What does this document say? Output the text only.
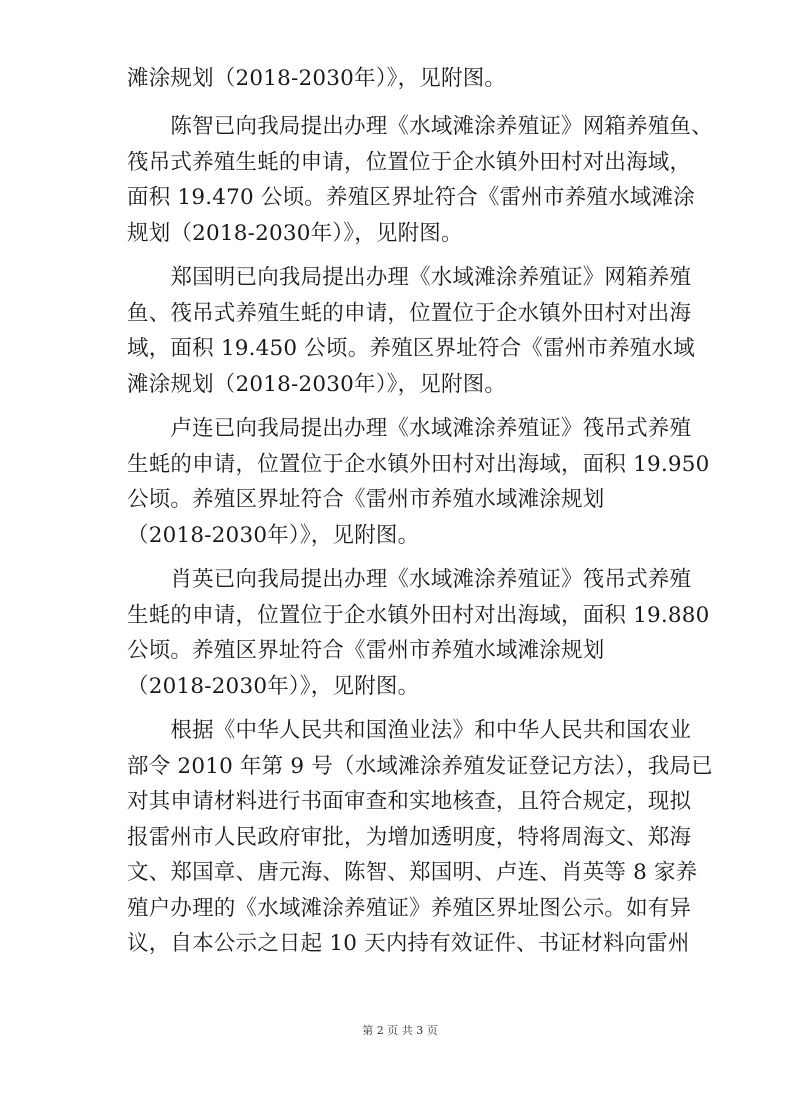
滩涂规划（2018-2030年）》，见附图。
　　陈智已向我局提出办理《水域滩涂养殖证》网箱养殖鱼、
筏吊式养殖生蚝的申请，位置位于企水镇外田村对出海域，
面积 19.470 公顷。养殖区界址符合《雷州市养殖水域滩涂
规划（2018-2030年）》，见附图。
　　郑国明已向我局提出办理《水域滩涂养殖证》网箱养殖
鱼、筏吊式养殖生蚝的申请，位置位于企水镇外田村对出海
域，面积 19.450 公顷。养殖区界址符合《雷州市养殖水域
滩涂规划（2018-2030年）》，见附图。
　　卢连已向我局提出办理《水域滩涂养殖证》筏吊式养殖
生蚝的申请，位置位于企水镇外田村对出海域，面积 19.950
公顷。养殖区界址符合《雷州市养殖水域滩涂规划
（2018-2030年）》，见附图。
　　肖英已向我局提出办理《水域滩涂养殖证》筏吊式养殖
生蚝的申请，位置位于企水镇外田村对出海域，面积 19.880
公顷。养殖区界址符合《雷州市养殖水域滩涂规划
（2018-2030年）》，见附图。
　　根据《中华人民共和国渔业法》和中华人民共和国农业
部令 2010 年第 9 号（水域滩涂养殖发证登记方法），我局已
对其申请材料进行书面审查和实地核查，且符合规定，现拟
报雷州市人民政府审批，为增加透明度，特将周海文、郑海
文、郑国章、唐元海、陈智、郑国明、卢连、肖英等 8 家养
殖户办理的《水域滩涂养殖证》养殖区界址图公示。如有异
议，自本公示之日起 10 天内持有效证件、书证材料向雷州
第 2 页 共 3 页
